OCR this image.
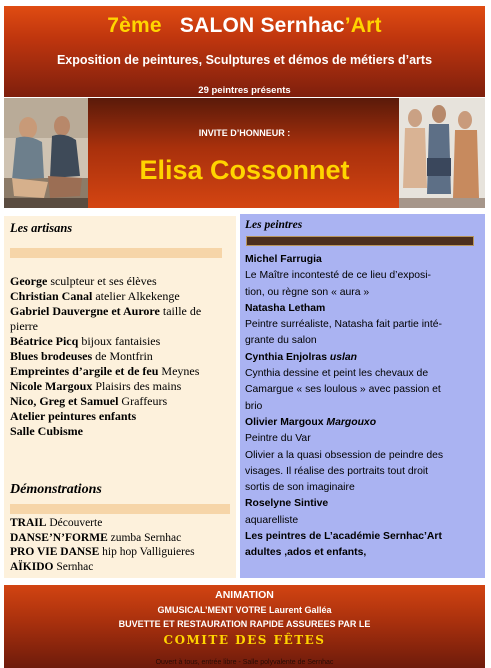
7ème SALON Sernhac’Art
Exposition de peintures, Sculptures et démos de métiers d’arts
29 peintres présents
INVITE D’HONNEUR :
Elisa Cossonnet
Les artisans
George sculpteur et ses élèves
Christian Canal atelier Alkekenge
Gabriel Dauvergne et Aurore taille de pierre
Béatrice Picq bijoux fantaisies
Blues brodeuses de Montfrin
Empreintes d’argile et de feu Meynes
Nicole Margoux Plaisirs des mains
Nico, Greg et Samuel Graffeurs
Atelier peintures enfants
Salle Cubisme
Démonstrations
TRAIL Découverte
DANSE’N’FORME zumba Sernhac
PRO VIE DANSE hip hop Valliguieres
AÏKIDO Sernhac
Les peintres
Michel Farrugia
Le Maître incontesté de ce lieu d’exposi-
tion, ou règne son « aura »
Natasha Letham
Peintre surréaliste, Natasha fait partie inté-
grante du salon
Cynthia Enjolras uslan
Cynthia dessine et peint les chevaux de
Camargue « ses loulous » avec passion et
brio
Olivier Margoux Margouxo
Peintre du Var
Olivier a la quasi obsession de peindre des
visages. Il réalise des portraits tout droit
sortis de son imaginaire
Roselyne Sintive
aquarelliste
Les peintres de L’académie Sernhac’Art
adultes ,ados et enfants,
ANIMATION
GMUSICAL’MENT VOTRE Laurent Galléa
BUVETTE ET RESTAURATION RAPIDE ASSUREES PAR LE
COMITE DES FÊTES
Ouvert à tous, entrée libre - Salle polyvalente de Sernhac
